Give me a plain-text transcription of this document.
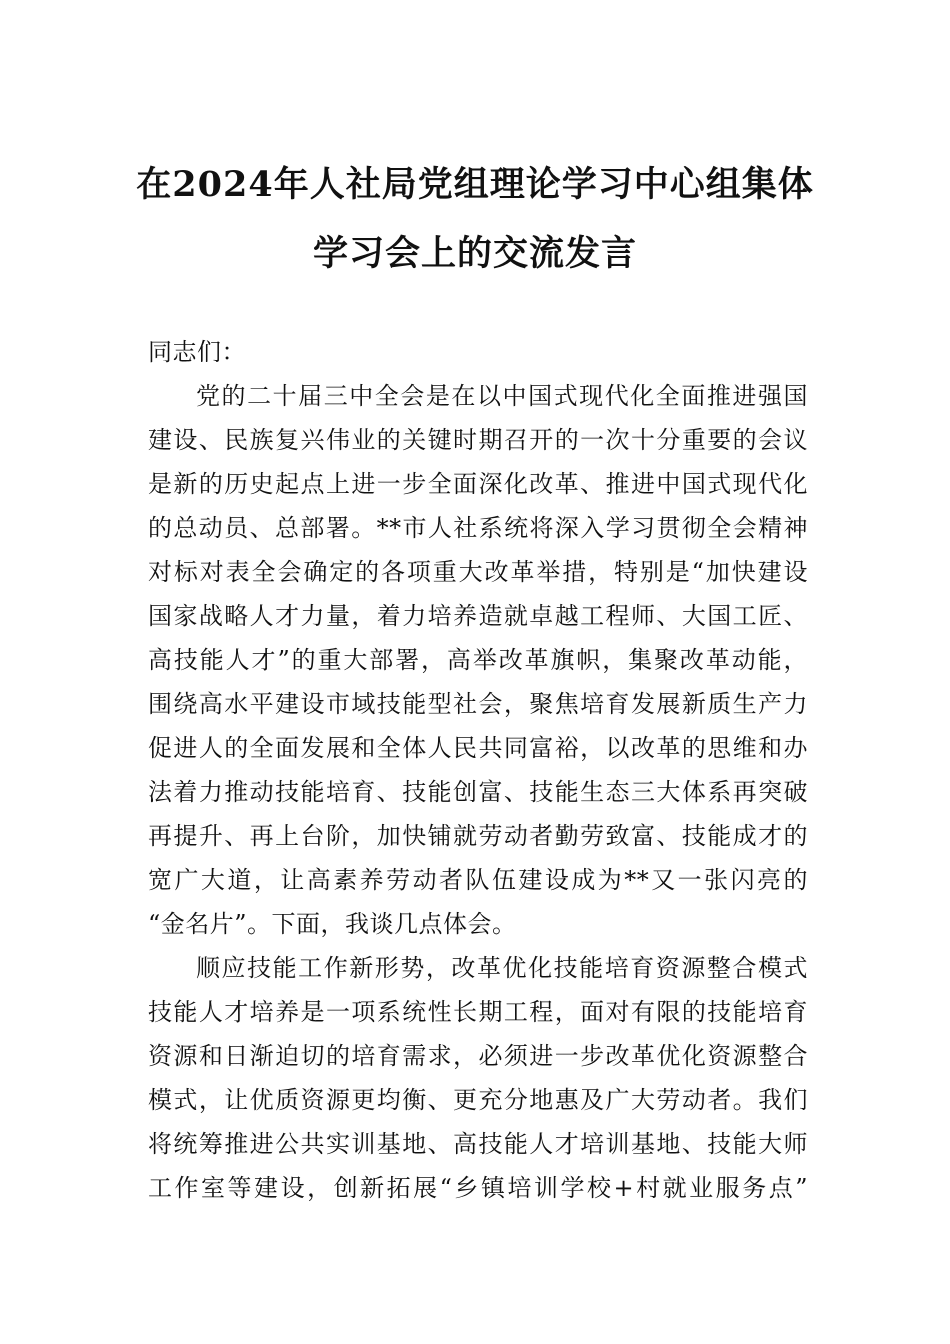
在2024年人社局党组理论学习中心组集体
学习会上的交流发言
同志们：
党的二十届三中全会是在以中国式现代化全面推进强国
建设、民族复兴伟业的关键时期召开的一次十分重要的会议
是新的历史起点上进一步全面深化改革、推进中国式现代化
的总动员、总部署。**市人社系统将深入学习贯彻全会精神
对标对表全会确定的各项重大改革举措，特别是“加快建设
国家战略人才力量，着力培养造就卓越工程师、大国工匠、
高技能人才”的重大部署，高举改革旗帜，集聚改革动能，
围绕高水平建设市域技能型社会，聚焦培育发展新质生产力
促进人的全面发展和全体人民共同富裕，以改革的思维和办
法着力推动技能培育、技能创富、技能生态三大体系再突破
再提升、再上台阶，加快铺就劳动者勤劳致富、技能成才的
宽广大道，让高素养劳动者队伍建设成为**又一张闪亮的
“金名片”。下面，我谈几点体会。
顺应技能工作新形势，改革优化技能培育资源整合模式
技能人才培养是一项系统性长期工程，面对有限的技能培育
资源和日渐迫切的培育需求，必须进一步改革优化资源整合
模式，让优质资源更均衡、更充分地惠及广大劳动者。我们
将统筹推进公共实训基地、高技能人才培训基地、技能大师
工作室等建设，创新拓展“乡镇培训学校+村就业服务点”
